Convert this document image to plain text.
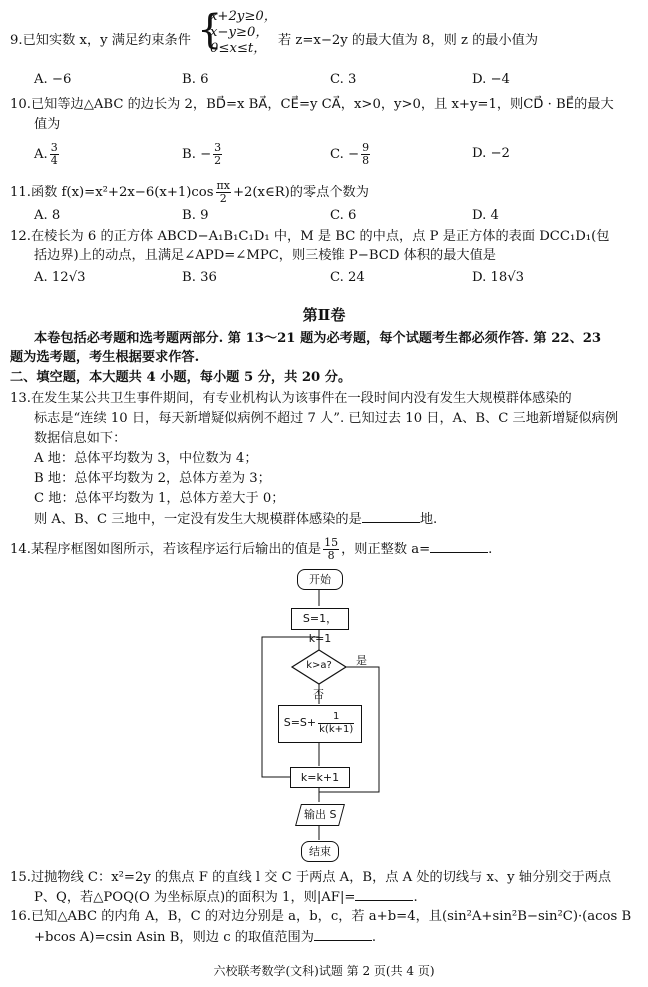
9.已知实数 x，y 满足约束条件 {
x+2y≥0，
x−y≥0，
0≤x≤t，
若 z=x−2y 的最大值为 8，则 z 的最小值为
A. −6	B. 6	C. 3	D. −4
10.已知等边△ABC 的边长为 2，BD⃗=x BA⃗，CE⃗=y CA⃗，x>0，y>0，且 x+y=1，则CD⃗ · BE⃗的最大
值为
A. $\frac{3}{4}$	B. − $\frac{3}{2}$	C. − $\frac{9}{8}$	D. −2
11.函数 $f(x)=x^2+2x-6(x+1)\cos \frac{\pi x}{2}$ +2(x∈R)的零点个数为
A. 8	B. 9	C. 6	D. 4
12.在棱长为 6 的正方体 ABCD−A₁B₁C₁D₁ 中，M 是 BC 的中点，点 P 是正方体的表面 DCC₁D₁(包
括边界)上的动点，且满足∠APD=∠MPC，则三棱锥 P−BCD 体积的最大值是
A. 12√3	B. 36	C. 24	D. 18√3
第Ⅱ卷
本卷包括必考题和选考题两部分. 第 13～21 题为必考题，每个试题考生都必须作答. 第 22、23
题为选考题，考生根据要求作答.
二、填空题，本大题共 4 小题，每小题 5 分，共 20 分。
13.在发生某公共卫生事件期间，有专业机构认为该事件在一段时间内没有发生大规模群体感染的
标志是“连续 10 日，每天新增疑似病例不超过 7 人”. 已知过去 10 日，A、B、C 三地新增疑似病例
数据信息如下：
A 地：总体平均数为 3，中位数为 4；
B 地：总体平均数为 2，总体方差为 3；
C 地：总体平均数为 1，总体方差大于 0；
则 A、B、C 三地中，一定没有发生大规模群体感染的是	地.
14.某程序框图如图所示，若该程序运行后输出的值是 $\frac{15}{8}$ ，则正整数 a=	.
开始
S=1，k=1
k>a? 是
否
$S=S+ \frac{1}{k(k+1)}$
k=k+1
输出 S
结束
15.过抛物线 C：x²=2y 的焦点 F 的直线 l 交 C 于两点 A，B，点 A 处的切线与 x、y 轴分别交于两点
P、Q，若△POQ(O 为坐标原点)的面积为 1，则|AF|=	.
16.已知△ABC 的内角 A，B，C 的对边分别是 a，b，c，若 a+b=4，且(sin²A+sin²B−sin²C)·(acos B
+bcos A)=csin Asin B，则边 c 的取值范围为	.
六校联考数学(文科)试题 第 2 页(共 4 页)
